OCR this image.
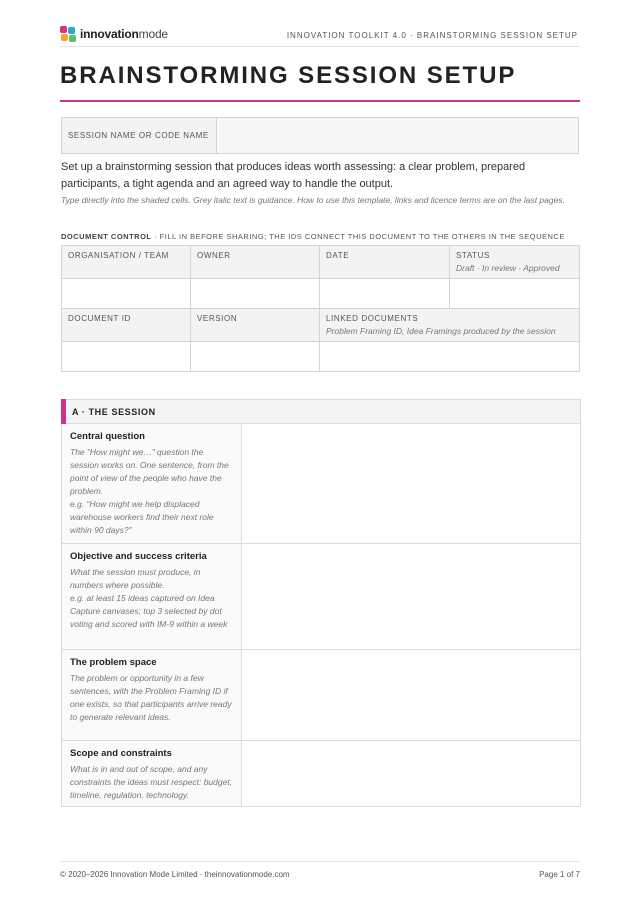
innovationmode	INNOVATION TOOLKIT 4.0 · BRAINSTORMING SESSION SETUP
BRAINSTORMING SESSION SETUP
SESSION NAME OR CODE NAME
Set up a brainstorming session that produces ideas worth assessing: a clear problem, prepared participants, a tight agenda and an agreed way to handle the output.
Type directly into the shaded cells. Grey italic text is guidance. How to use this template, links and licence terms are on the last pages.
DOCUMENT CONTROL · FILL IN BEFORE SHARING; THE IDS CONNECT THIS DOCUMENT TO THE OTHERS IN THE SEQUENCE
ORGANISATION / TEAM	OWNER	DATE	STATUS
Draft · In review · Approved

DOCUMENT ID	VERSION	LINKED DOCUMENTS
Problem Framing ID, Idea Framings produced by the session	

A · THE SESSION
Central question
The “How might we…” question the session works on. One sentence, from the point of view of the people who have the problem.
e.g. “How might we help displaced warehouse workers find their next role within 90 days?”
Objective and success criteria
What the session must produce, in numbers where possible.
e.g. at least 15 ideas captured on Idea Capture canvases; top 3 selected by dot voting and scored with IM-9 within a week
The problem space
The problem or opportunity in a few sentences, with the Problem Framing ID if one exists, so that participants arrive ready to generate relevant ideas.
Scope and constraints
What is in and out of scope, and any constraints the ideas must respect: budget, timeline, regulation, technology.
© 2020–2026 Innovation Mode Limited · theinnovationmode.com	Page 1 of 7
